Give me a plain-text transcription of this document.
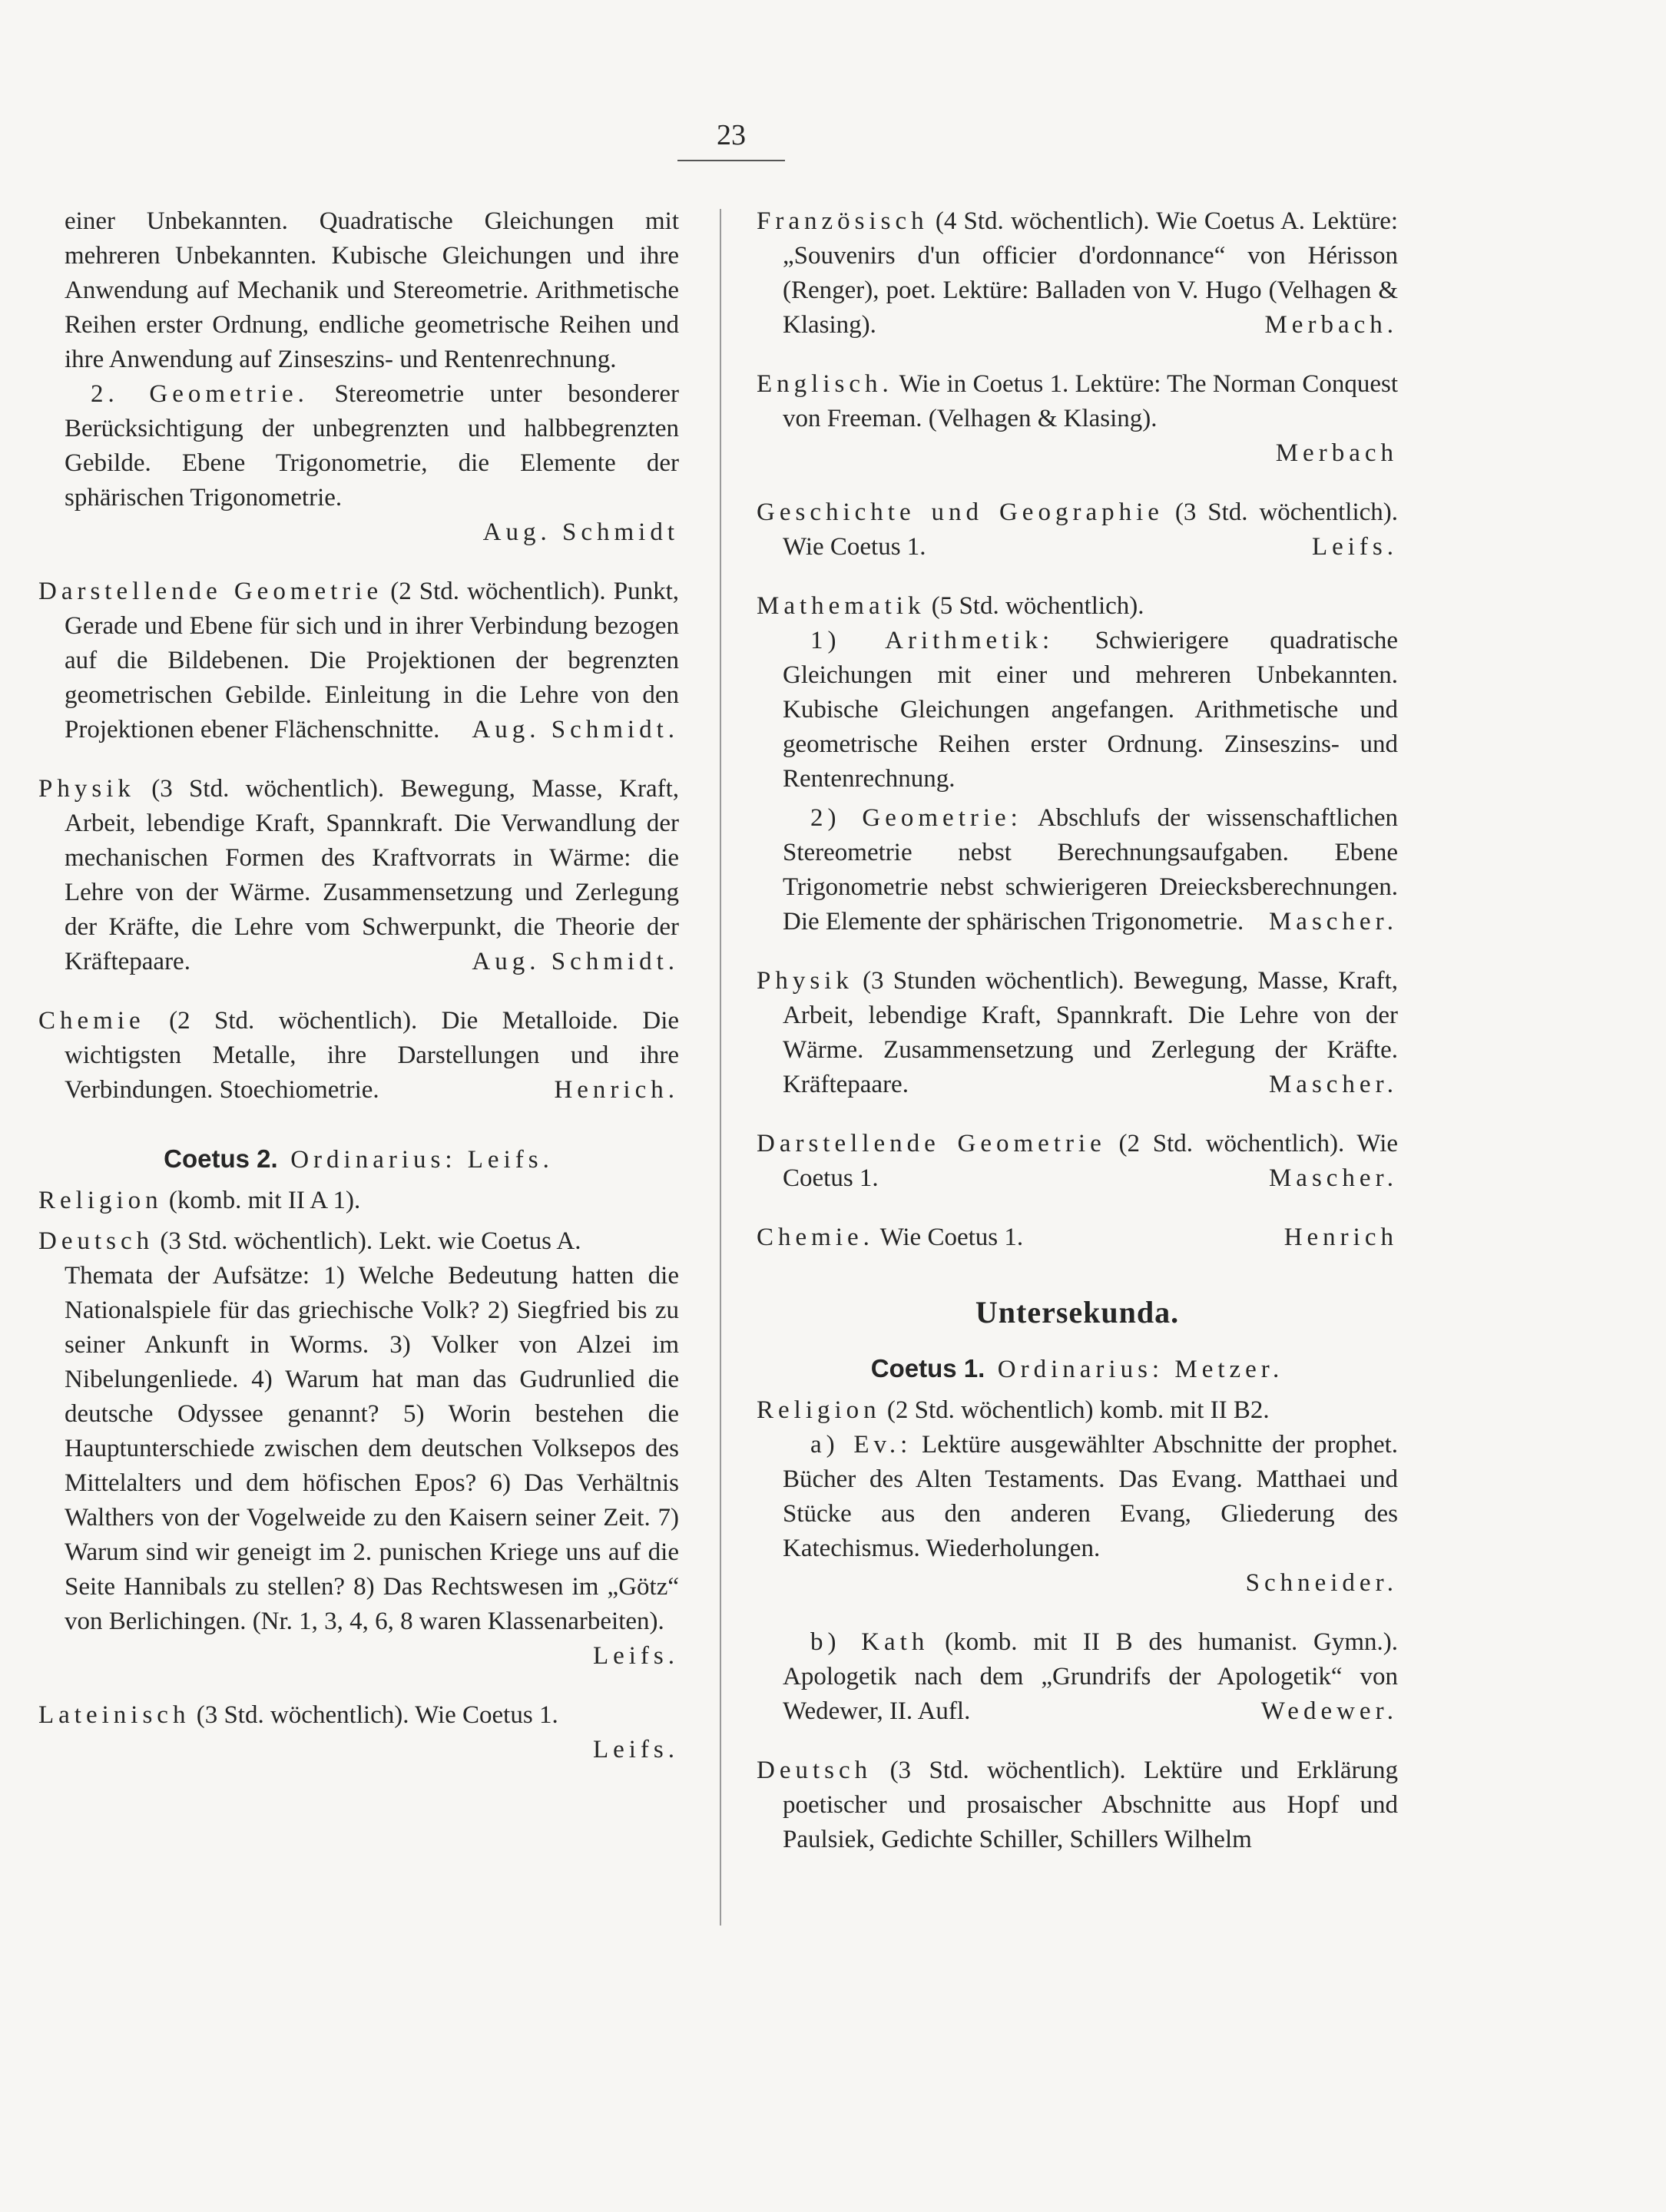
23

einer Unbekannten. Quadratische Gleichungen mit mehreren Unbekannten. Kubische Gleichungen und ihre Anwendung auf Mechanik und Stereometrie. Arithmetische Reihen erster Ordnung, endliche geometrische Reihen und ihre Anwendung auf Zinseszins- und Rentenrechnung.

2. Geometrie. Stereometrie unter besonderer Berücksichtigung der unbegrenzten und halbbegrenzten Gebilde. Ebene Trigonometrie, die Elemente der sphärischen Trigonometrie.

Aug. Schmidt
Darstellende Geometrie (2 Std. wöchentlich). Punkt, Gerade und Ebene für sich und in ihrer Verbindung bezogen auf die Bildebenen. Die Projektionen der begrenzten geometrischen Gebilde. Einleitung in die Lehre von den Projektionen ebener Flächenschnitte. Aug. Schmidt.
Physik (3 Std. wöchentlich). Bewegung, Masse, Kraft, Arbeit, lebendige Kraft, Spannkraft. Die Verwandlung der mechanischen Formen des Kraftvorrats in Wärme: die Lehre von der Wärme. Zusammensetzung und Zerlegung der Kräfte, die Lehre vom Schwerpunkt, die Theorie der Kräftepaare.	Aug. Schmidt.
Chemie (2 Std. wöchentlich). Die Metalloide. Die wichtigsten Metalle, ihre Darstellungen und ihre Verbindungen. Stoechiometrie.	Henrich.
Coetus 2. Ordinarius: Leifs.
Religion (komb. mit II A 1).
Deutsch (3 Std. wöchentlich). Lekt. wie Coetus A.

Themata der Aufsätze: 1) Welche Bedeutung hatten die Nationalspiele für das griechische Volk? 2) Siegfried bis zu seiner Ankunft in Worms. 3) Volker von Alzei im Nibelungenliede. 4) Warum hat man das Gudrunlied die deutsche Odyssee genannt? 5) Worin bestehen die Hauptunterschiede zwischen dem deutschen Volksepos des Mittelalters und dem höfischen Epos? 6) Das Verhältnis Walthers von der Vogelweide zu den Kaisern seiner Zeit. 7) Warum sind wir geneigt im 2. punischen Kriege uns auf die Seite Hannibals zu stellen? 8) Das Rechtswesen im „Götz“ von Berlichingen. (Nr. 1, 3, 4, 6, 8 waren Klassenarbeiten).

Leifs.
Lateinisch (3 Std. wöchentlich). Wie Coetus 1.
Leifs.
Französisch (4 Std. wöchentlich). Wie Coetus A. Lektüre: „Souvenirs d'un officier d'ordonnance“ von Hérisson (Renger), poet. Lektüre: Balladen von V. Hugo (Velhagen & Klasing).	Merbach.
Englisch. Wie in Coetus 1. Lektüre: The Norman Conquest von Freeman. (Velhagen & Klasing).
Merbach
Geschichte und Geographie (3 Std. wöchentlich). Wie Coetus 1.	Leifs.
Mathematik (5 Std. wöchentlich).

1) Arithmetik: Schwierigere quadratische Gleichungen mit einer und mehreren Unbekannten. Kubische Gleichungen angefangen. Arithmetische und geometrische Reihen erster Ordnung. Zinseszins- und Rentenrechnung.

2) Geometrie: Abschlufs der wissenschaftlichen Stereometrie nebst Berechnungsaufgaben. Ebene Trigonometrie nebst schwierigeren Dreiecksberechnungen. Die Elemente der sphärischen Trigonometrie. Mascher.

Physik (3 Stunden wöchentlich). Bewegung, Masse, Kraft, Arbeit, lebendige Kraft, Spannkraft. Die Lehre von der Wärme. Zusammensetzung und Zerlegung der Kräfte. Kräftepaare.	Mascher.
Darstellende Geometrie (2 Std. wöchentlich). Wie Coetus 1.	Mascher.
Chemie. Wie Coetus 1.	Henrich
Untersekunda.
Coetus 1. Ordinarius: Metzer.
Religion (2 Std. wöchentlich) komb. mit II B2.

a) Ev.: Lektüre ausgewählter Abschnitte der prophet. Bücher des Alten Testaments. Das Evang. Matthaei und Stücke aus den anderen Evang, Gliederung des Katechismus. Wiederholungen.

Schneider.

b) Kath (komb. mit II B des humanist. Gymn.). Apologetik nach dem „Grundrifs der Apologetik“ von Wedewer, II. Aufl.	Wedewer.

Deutsch (3 Std. wöchentlich). Lektüre und Erklärung poetischer und prosaischer Abschnitte aus Hopf und Paulsiek, Gedichte Schiller, Schillers Wilhelm
